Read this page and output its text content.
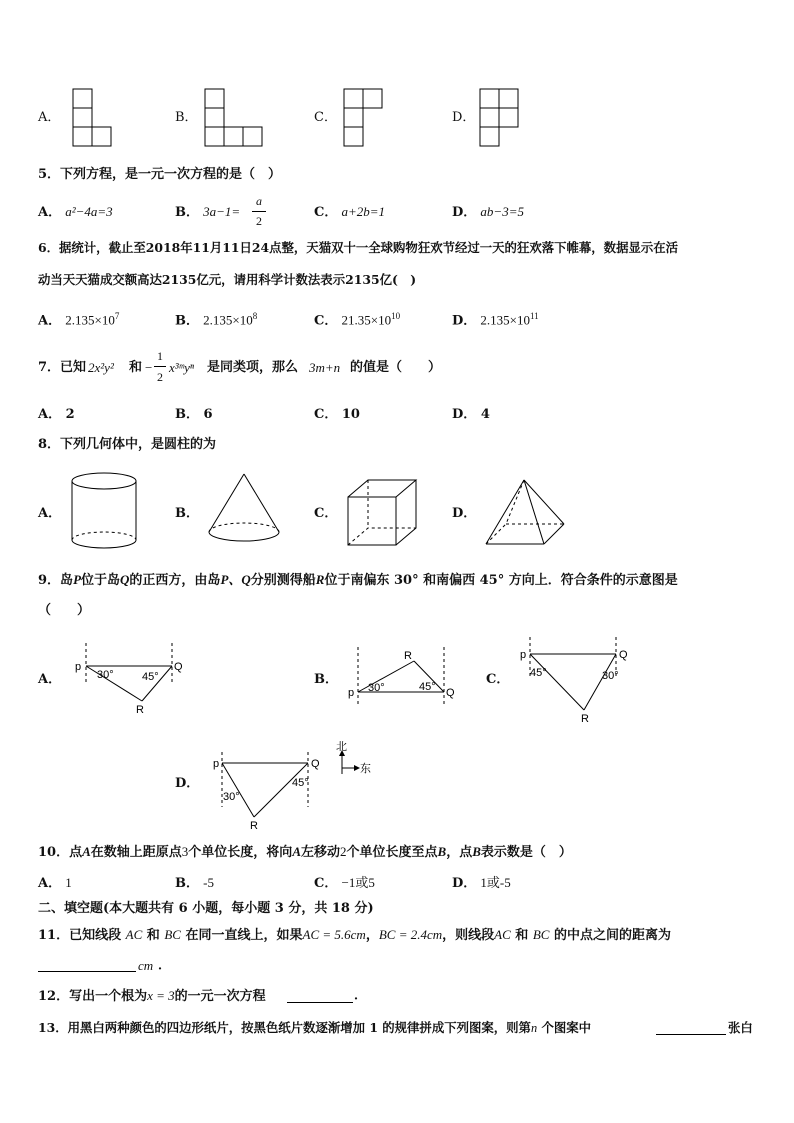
A．	B．	C．	D．
5．下列方程，是一元一次方程的是（　）
A． a²−4a=3	B． 3a−1=
a
2
C． a+2b=1	D． ab−3=5
6．据统计，截止至2018年11月11日24点整，天猫双十一全球购物狂欢节经过一天的狂欢落下帷幕，数据显示在活
动当天天猫成交额高达2135亿元，请用科学计数法表示2135亿(　)
A． $2.135\times 10^7$	B． $2.135\times 10^8$	C． $21.35\times 10^{10}$	D． $2.135\times 10^{11}$
7．已知 2x²y² 和 −
1
2
x³ᵐyⁿ 是同类项，那么 3m+n 的值是（　　）
A． 2	B． 6	C． 10	D． 4
8．下列几何体中，是圆柱的为
A．	B．	C．	D．
9．岛P位于岛Q的正西方，由岛P、Q分别测得船R位于南偏东 30° 和南偏西 45° 方向上．符合条件的示意图是
（　　）
A．
p	Q
R
30°	45°	B．
p	Q
R
30°	45°	C．
p	Q
R
45°	30°
D．
p	Q
R
30°
45°
北
东
10．点A在数轴上距原点3个单位长度，将向A左移动2个单位长度至点B，点B表示数是（　）
A． 1	B． -5	C． −1或5	D． 1或-5
二、填空题(本大题共有 6 小题，每小题 3 分，共 18 分)
11．已知线段 AC 和 BC 在同一直线上，如果AC = 5.6cm，BC = 2.4cm，则线段AC 和 BC 的中点之间的距离为
cm ．
12．写出一个根为x = 3的一元一次方程	．
13．用黑白两种颜色的四边形纸片，按黑色纸片数逐渐增加 1 的规律拼成下列图案，则第n 个图案中	张白
